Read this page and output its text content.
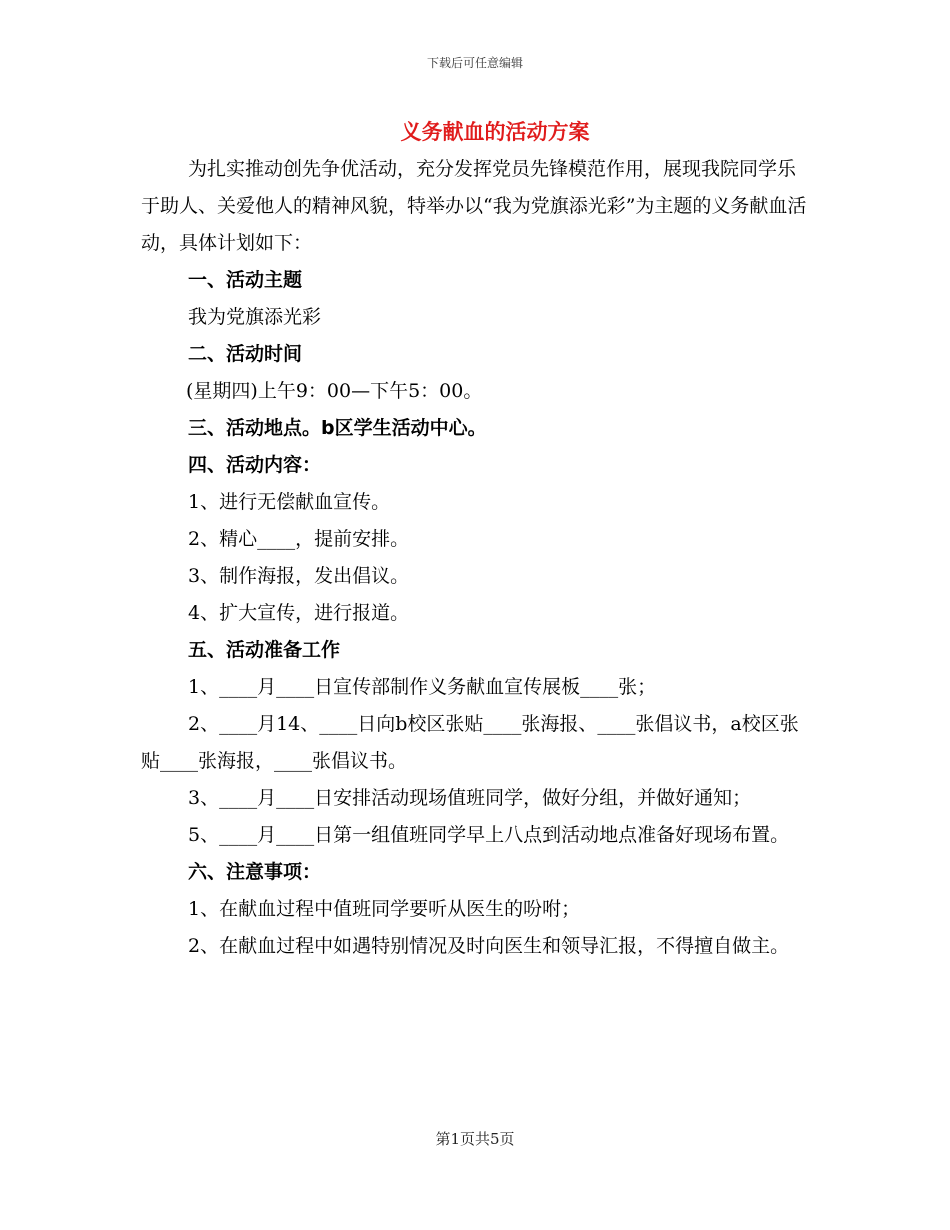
下载后可任意编辑
义务献血的活动方案

为扎实推动创先争优活动，充分发挥党员先锋模范作用，展现我院同学乐于助人、关爱他人的精神风貌，特举办以“我为党旗添光彩”为主题的义务献血活动，具体计划如下：

一、活动主题

我为党旗添光彩

二、活动时间

(星期四)上午9：00—下午5：00。

三、活动地点。b区学生活动中心。

四、活动内容：

1、进行无偿献血宣传。

2、精心____，提前安排。

3、制作海报，发出倡议。

4、扩大宣传，进行报道。

五、活动准备工作

1、____月____日宣传部制作义务献血宣传展板____张；

2、____月14、____日向b校区张贴____张海报、____张倡议书，a校区张贴____张海报，____张倡议书。

3、____月____日安排活动现场值班同学，做好分组，并做好通知；

5、____月____日第一组值班同学早上八点到活动地点准备好现场布置。

六、注意事项：

1、在献血过程中值班同学要听从医生的吩咐；

2、在献血过程中如遇特别情况及时向医生和领导汇报，不得擅自做主。

第1页共5页
